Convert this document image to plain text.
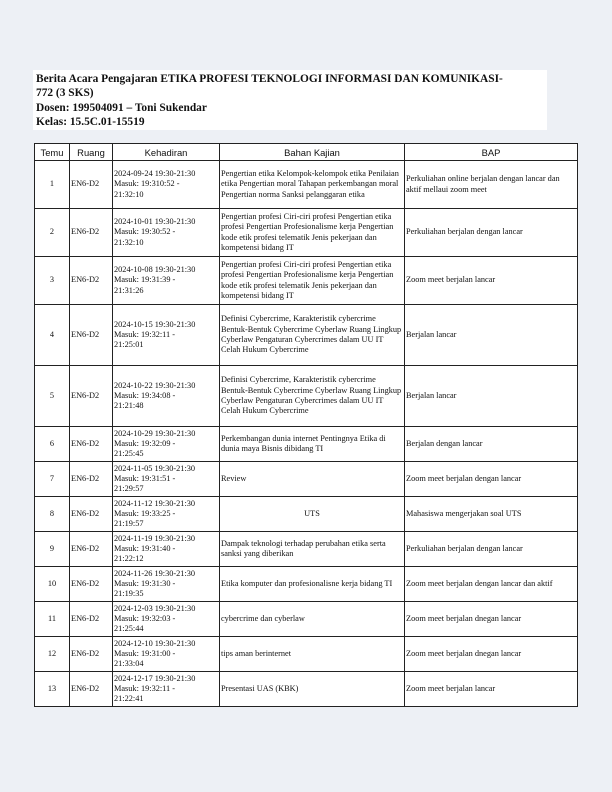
Berita Acara Pengajaran ETIKA PROFESI TEKNOLOGI INFORMASI DAN KOMUNIKASI-
772 (3 SKS)
Dosen: 199504091 – Toni Sukendar
Kelas: 15.5C.01-15519
Temu	Ruang	Kehadiran	Bahan Kajian	BAP
1	EN6-D2	2024-09-24 19:30-21:30
Masuk: 19:310:52 -
21:32:10	Pengertian etika Kelompok-kelompok etika Penilaian etika Pengertian moral Tahapan perkembangan moral Pengertian norma Sanksi pelanggaran etika	Perkuliahan online berjalan dengan lancar dan aktif mellaui zoom meet
2	EN6-D2	2024-10-01 19:30-21:30
Masuk: 19:30:52 -
21:32:10	Pengertian profesi Ciri-ciri profesi Pengertian etika profesi Pengertian Profesionalisme kerja Pengertian kode etik profesi telematik Jenis pekerjaan dan kompetensi bidang IT	Perkuliahan berjalan dengan lancar
3	EN6-D2	2024-10-08 19:30-21:30
Masuk: 19:31:39 -
21:31:26	Pengertian profesi Ciri-ciri profesi Pengertian etika profesi Pengertian Profesionalisme kerja Pengertian kode etik profesi telematik Jenis pekerjaan dan kompetensi bidang IT	Zoom meet berjalan lancar
4	EN6-D2	2024-10-15 19:30-21:30
Masuk: 19:32:11 -
21:25:01	Definisi Cybercrime, Karakteristik cybercrime Bentuk-Bentuk Cybercrime Cyberlaw Ruang Lingkup Cyberlaw Pengaturan Cybercrimes dalam UU IT Celah Hukum Cybercrime	Berjalan lancar
5	EN6-D2	2024-10-22 19:30-21:30
Masuk: 19:34:08 -
21:21:48	Definisi Cybercrime, Karakteristik cybercrime Bentuk-Bentuk Cybercrime Cyberlaw Ruang Lingkup Cyberlaw Pengaturan Cybercrimes dalam UU IT Celah Hukum Cybercrime	Berjalan lancar
6	EN6-D2	2024-10-29 19:30-21:30
Masuk: 19:32:09 -
21:25:45	Perkembangan dunia internet Pentingnya Etika di dunia maya Bisnis dibidang TI	Berjalan dengan lancar
7	EN6-D2	2024-11-05 19:30-21:30
Masuk: 19:31:51 -
21:29:57	Review	Zoom meet berjalan dengan lancar
8	EN6-D2	2024-11-12 19:30-21:30
Masuk: 19:33:25 -
21:19:57	UTS	Mahasiswa mengerjakan soal UTS
9	EN6-D2	2024-11-19 19:30-21:30
Masuk: 19:31:40 -
21:22:12	Dampak teknologi terhadap perubahan etika serta sanksi yang diberikan	Perkuliahan berjalan dengan lancar
10	EN6-D2	2024-11-26 19:30-21:30
Masuk: 19:31:30 -
21:19:35	Etika komputer dan profesionalisne kerja bidang TI	Zoom meet berjalan dengan lancar dan aktif
11	EN6-D2	2024-12-03 19:30-21:30
Masuk: 19:32:03 -
21:25:44	cybercrime dan cyberlaw	Zoom meet berjalan dnegan lancar
12	EN6-D2	2024-12-10 19:30-21:30
Masuk: 19:31:00 -
21:33:04	tips aman berinternet	Zoom meet berjalan dnegan lancar
13	EN6-D2	2024-12-17 19:30-21:30
Masuk: 19:32:11 -
21:22:41	Presentasi UAS (KBK)	Zoom meet berjalan lancar
